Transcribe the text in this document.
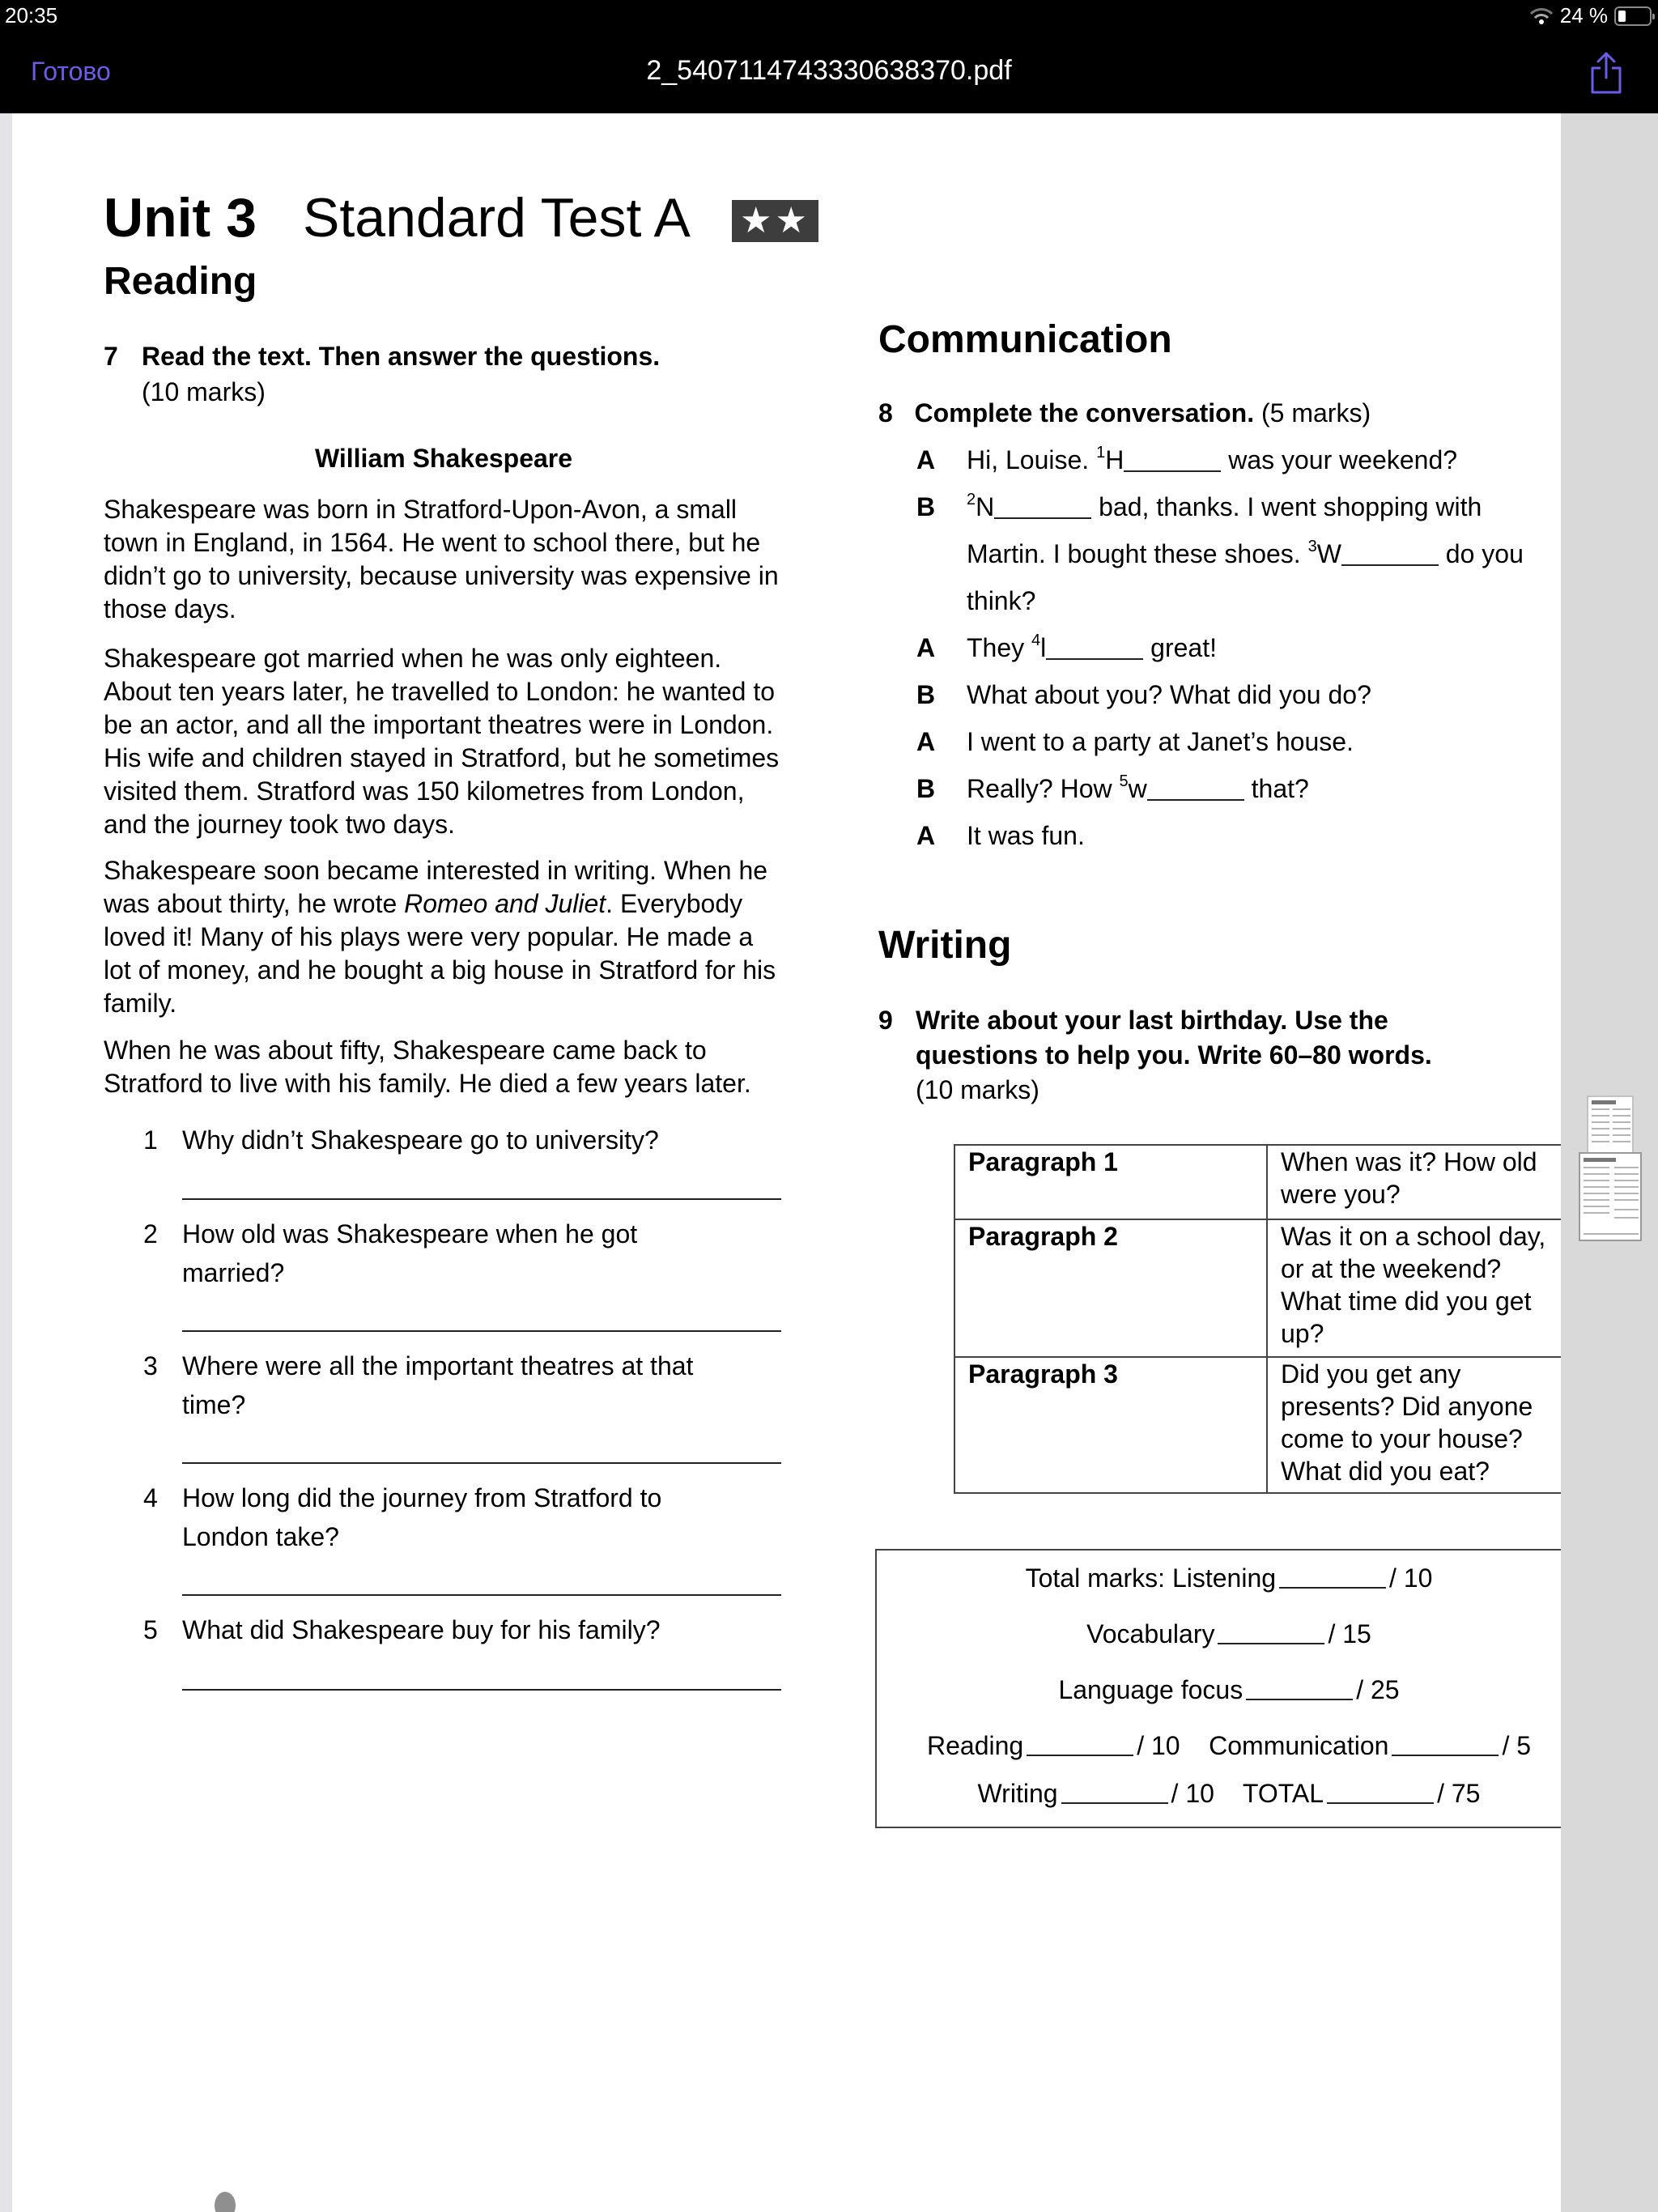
20:35	24 %
Готово	2_5407114743330638370.pdf
Unit 3 Standard Test A ★★
Reading
7 Read the text. Then answer the questions.
(10 marks)
William Shakespeare
Shakespeare was born in Stratford-Upon-Avon, a small town in England, in 1564. He went to school there, but he didn’t go to university, because university was expensive in those days.
Shakespeare got married when he was only eighteen. About ten years later, he travelled to London: he wanted to be an actor, and all the important theatres were in London. His wife and children stayed in Stratford, but he sometimes visited them. Stratford was 150 kilometres from London, and the journey took two days.
Shakespeare soon became interested in writing. When he was about thirty, he wrote Romeo and Juliet. Everybody loved it! Many of his plays were very popular. He made a lot of money, and he bought a big house in Stratford for his family.
When he was about fifty, Shakespeare came back to Stratford to live with his family. He died a few years later.
1 Why didn’t Shakespeare go to university?
2 How old was Shakespeare when he got married?
3 Where were all the important theatres at that time?
4 How long did the journey from Stratford to London take?
5 What did Shakespeare buy for his family?
Communication
8 Complete the conversation. (5 marks)
A Hi, Louise. $^1$H	was your weekend?
B $^2$N	bad, thanks. I went shopping with
Martin. I bought these shoes. $^3$W	do you
think?
A They $^4$l	great!
B What about you? What did you do?
A I went to a party at Janet’s house.
B Really? How $^5$w	that?
A It was fun.
Writing
9 Write about your last birthday. Use the
questions to help you. Write 60–80 words.
(10 marks)
Paragraph 1	When was it? How old were you?
Paragraph 2	Was it on a school day, or at the weekend? What time did you get up?
Paragraph 3	Did you get any presents? Did anyone come to your house? What did you eat?
Total marks: Listening	/ 10
Vocabulary	/ 15
Language focus	/ 25
Reading	/ 10 Communication	/ 5
Writing	/ 10 TOTAL	/ 75
